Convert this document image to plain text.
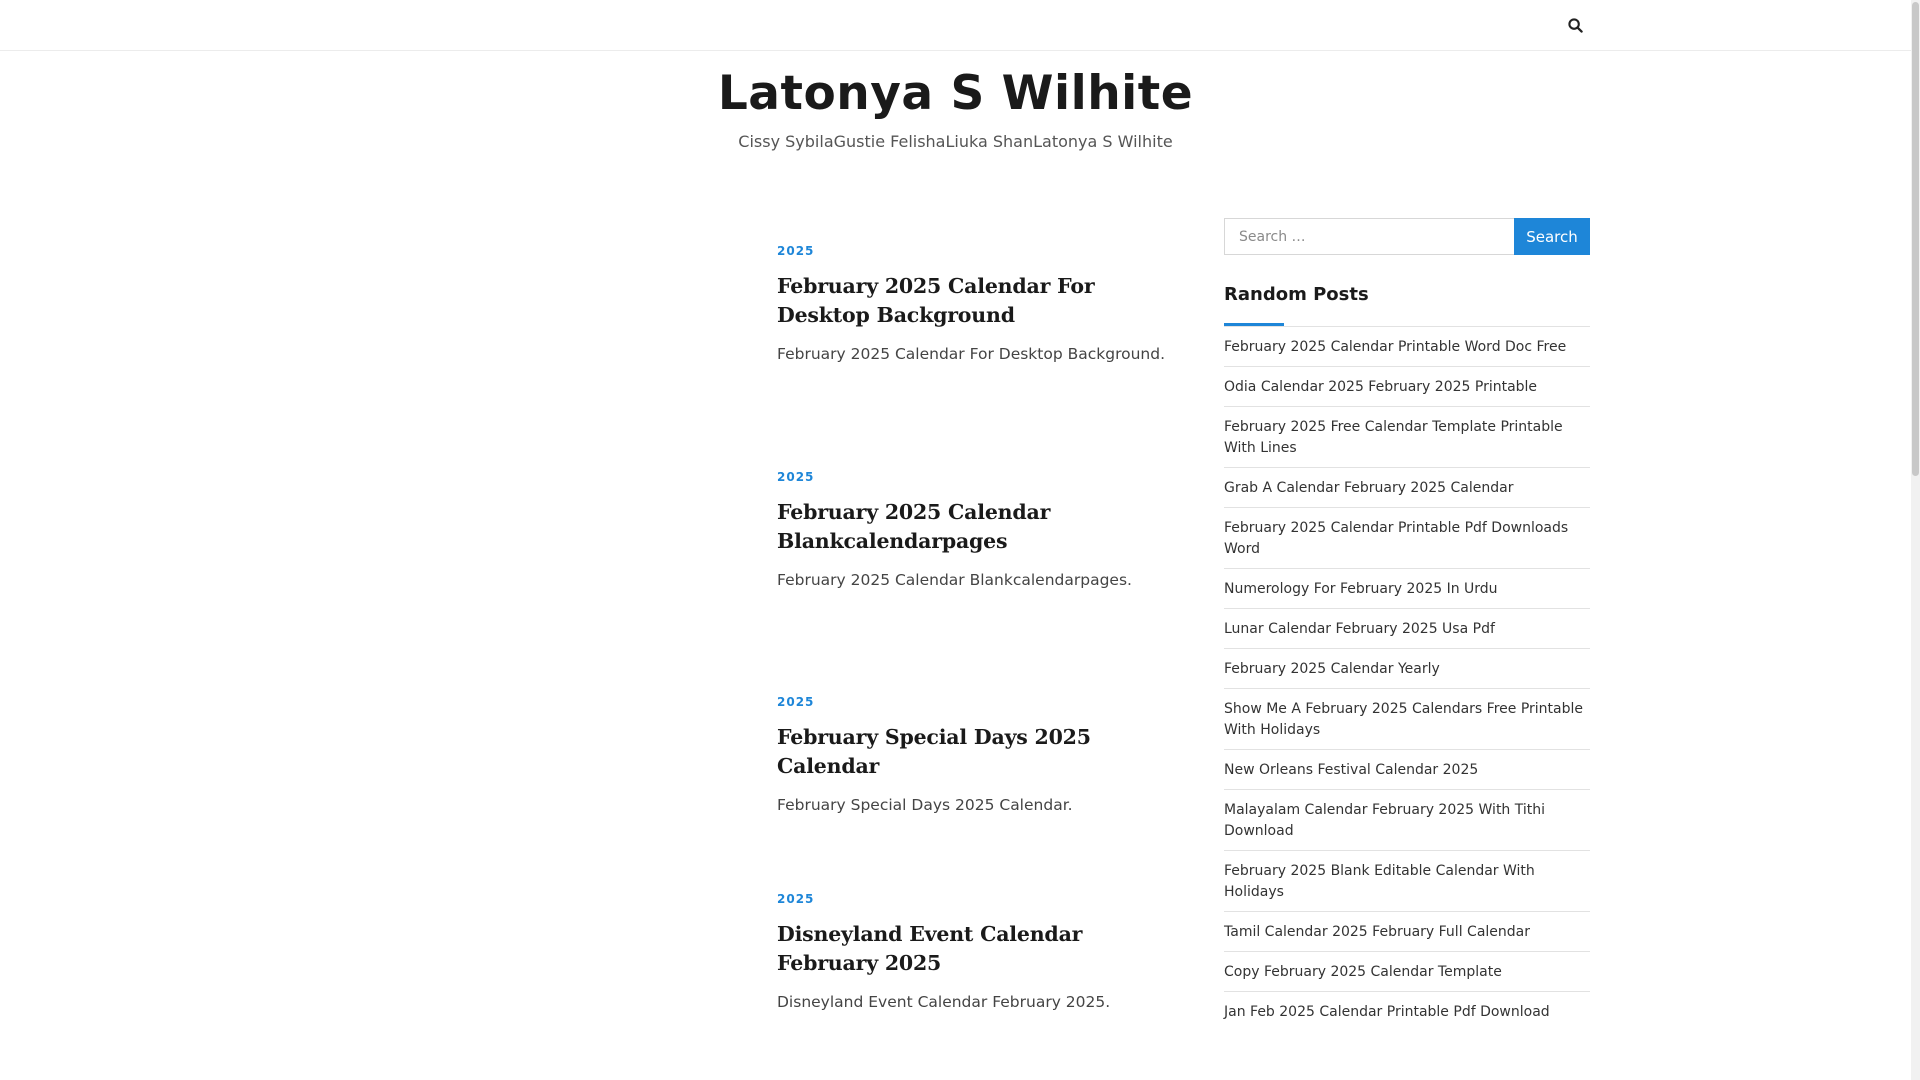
Latonya S Wilhite
Cissy SybilaGustie FelishaLiuka ShanLatonya S Wilhite
2025
February 2025 Calendar For Desktop Background

February 2025 Calendar For Desktop Background.

2025
February 2025 Calendar Blankcalendarpages

February 2025 Calendar Blankcalendarpages.

2025
February Special Days 2025 Calendar

February Special Days 2025 Calendar.

2025
Disneyland Event Calendar February 2025

Disneyland Event Calendar February 2025.

Search …
Search
Random Posts
February 2025 Calendar Printable Word Doc Free
Odia Calendar 2025 February 2025 Printable
February 2025 Free Calendar Template Printable With Lines
Grab A Calendar February 2025 Calendar
February 2025 Calendar Printable Pdf Downloads Word
Numerology For February 2025 In Urdu
Lunar Calendar February 2025 Usa Pdf
February 2025 Calendar Yearly
Show Me A February 2025 Calendars Free Printable With Holidays
New Orleans Festival Calendar 2025
Malayalam Calendar February 2025 With Tithi Download
February 2025 Blank Editable Calendar With Holidays
Tamil Calendar 2025 February Full Calendar
Copy February 2025 Calendar Template
Jan Feb 2025 Calendar Printable Pdf Download
